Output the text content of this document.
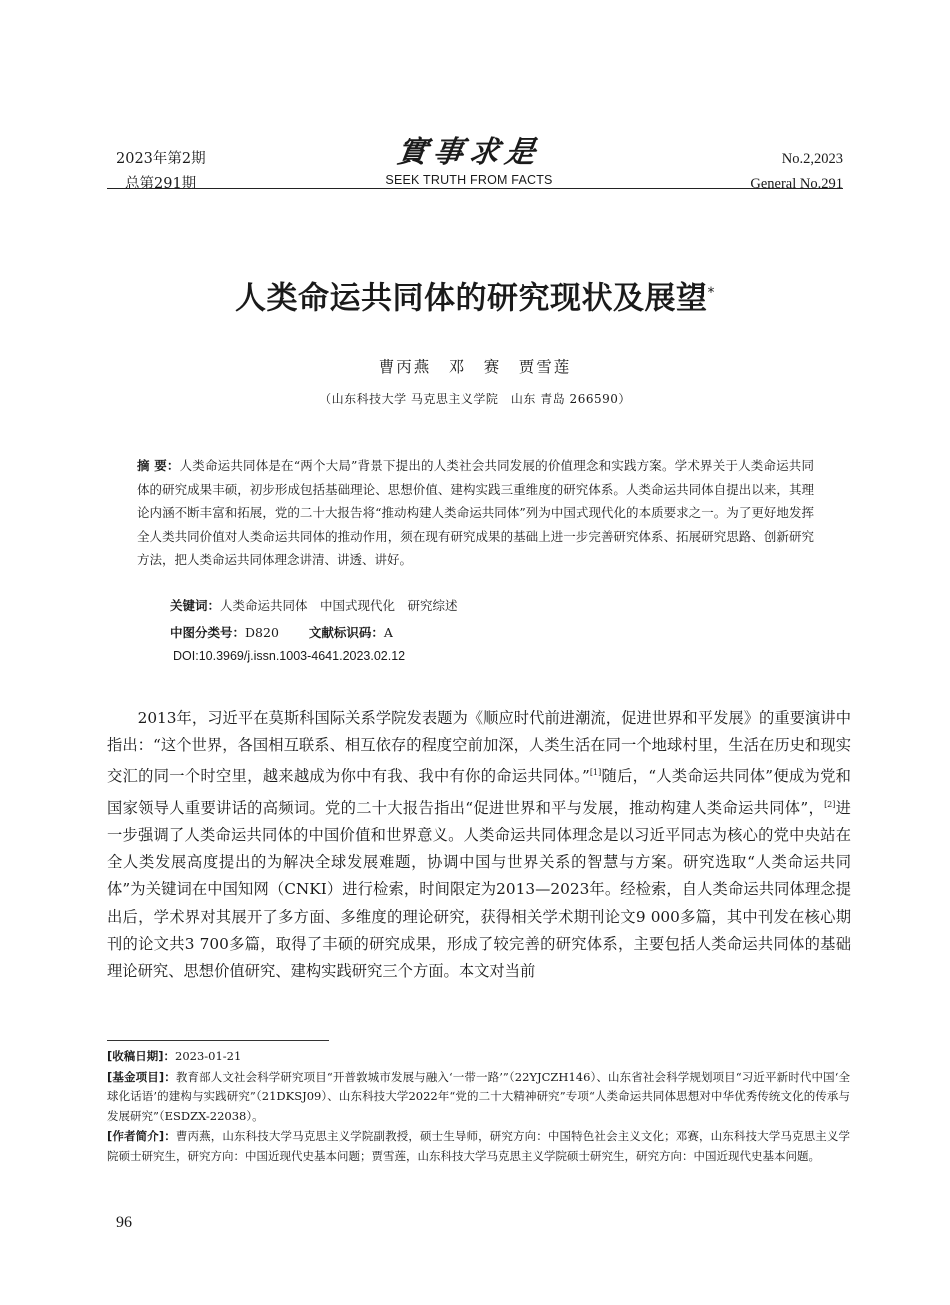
2023年第2期
总第291期
實事求是
SEEK TRUTH FROM FACTS
No.2,2023
General No.291
人类命运共同体的研究现状及展望*
曹丙燕　邓　赛　贾雪莲
（山东科技大学 马克思主义学院　山东 青岛 266590）
摘 要：人类命运共同体是在“两个大局”背景下提出的人类社会共同发展的价值理念和实践方案。学术界关于人类命运共同体的研究成果丰硕，初步形成包括基础理论、思想价值、建构实践三重维度的研究体系。人类命运共同体自提出以来，其理论内涵不断丰富和拓展，党的二十大报告将“推动构建人类命运共同体”列为中国式现代化的本质要求之一。为了更好地发挥全人类共同价值对人类命运共同体的推动作用，须在现有研究成果的基础上进一步完善研究体系、拓展研究思路、创新研究方法，把人类命运共同体理念讲清、讲透、讲好。
关键词：人类命运共同体　中国式现代化　研究综述
中图分类号：D820 文献标识码：A
DOI:10.3969/j.issn.1003-4641.2023.02.12
2013年，习近平在莫斯科国际关系学院发表题为《顺应时代前进潮流，促进世界和平发展》的重要演讲中指出：“这个世界，各国相互联系、相互依存的程度空前加深，人类生活在同一个地球村里，生活在历史和现实交汇的同一个时空里，越来越成为你中有我、我中有你的命运共同体。”[1]随后，“人类命运共同体”便成为党和国家领导人重要讲话的高频词。党的二十大报告指出“促进世界和平与发展，推动构建人类命运共同体”，[2]进一步强调了人类命运共同体的中国价值和世界意义。人类命运共同体理念是以习近平同志为核心的党中央站在全人类发展高度提出的为解决全球发展难题，协调中国与世界关系的智慧与方案。研究选取“人类命运共同体”为关键词在中国知网（CNKI）进行检索，时间限定为2013—2023年。经检索，自人类命运共同体理念提出后，学术界对其展开了多方面、多维度的理论研究，获得相关学术期刊论文9 000多篇，其中刊发在核心期刊的论文共3 700多篇，取得了丰硕的研究成果，形成了较完善的研究体系，主要包括人类命运共同体的基础理论研究、思想价值研究、建构实践研究三个方面。本文对当前

[收稿日期]：2023-01-21

[基金项目]：教育部人文社会科学研究项目“开普敦城市发展与融入‘一带一路’”（22YJCZH146）、山东省社会科学规划项目“习近平新时代中国‘全球化话语’的建构与实践研究”（21DKSJ09）、山东科技大学2022年“党的二十大精神研究”专项“人类命运共同体思想对中华优秀传统文化的传承与发展研究”（ESDZX-22038）。

[作者简介]：曹丙燕，山东科技大学马克思主义学院副教授，硕士生导师，研究方向：中国特色社会主义文化；邓赛，山东科技大学马克思主义学院硕士研究生，研究方向：中国近现代史基本问题；贾雪莲，山东科技大学马克思主义学院硕士研究生，研究方向：中国近现代史基本问题。

96
